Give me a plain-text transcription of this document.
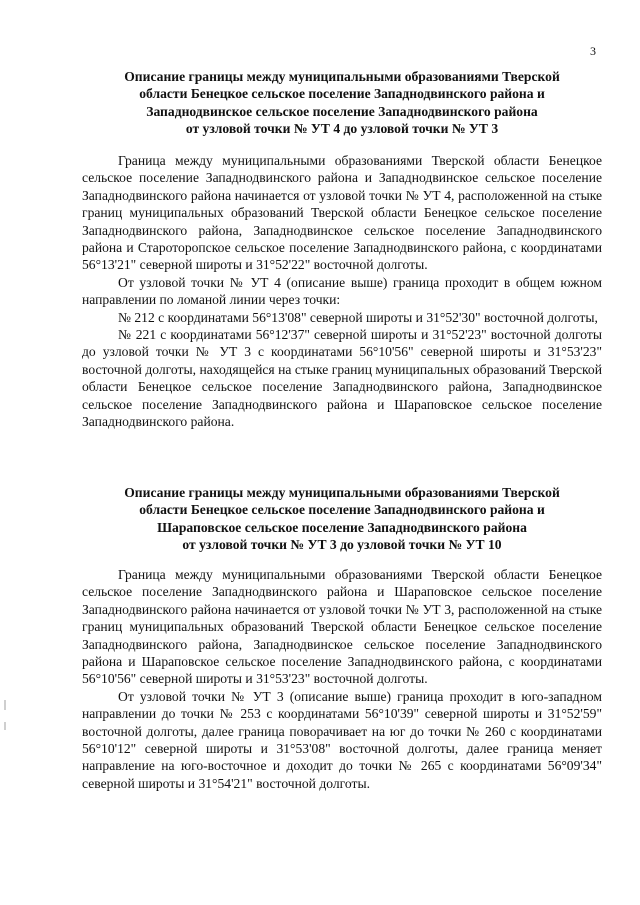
3

Описание границы между муниципальными образованиями Тверской

области Бенецкое сельское поселение Западнодвинского района и

Западнодвинское сельское поселение Западнодвинского района

от узловой точки № УТ 4 до узловой точки № УТ 3

Граница между муниципальными образованиями Тверской области Бенецкое сельское поселение Западнодвинского района и Западнодвинское сельское поселение Западнодвинского района начинается от узловой точки № УТ 4, расположенной на стыке границ муниципальных образований Тверской области Бенецкое сельское поселение Западнодвинского района, Западнодвинское сельское поселение Западнодвинского района и Староторопское сельское поселение Западнодвинского района, с координатами 56°13'21" северной широты и 31°52'22" восточной долготы.

От узловой точки № УТ 4 (описание выше) граница проходит в общем южном направлении по ломаной линии через точки:

№ 212 с координатами 56°13'08" северной широты и 31°52'30" восточной долготы,

№ 221 с координатами 56°12'37" северной широты и 31°52'23" восточной долготы до узловой точки № УТ 3 с координатами 56°10'56" северной широты и 31°53'23" восточной долготы, находящейся на стыке границ муниципальных образований Тверской области Бенецкое сельское поселение Западнодвинского района, Западнодвинское сельское поселение Западнодвинского района и Шараповское сельское поселение Западнодвинского района.

Описание границы между муниципальными образованиями Тверской

области Бенецкое сельское поселение Западнодвинского района и

Шараповское сельское поселение Западнодвинского района

от узловой точки № УТ 3 до узловой точки № УТ 10

Граница между муниципальными образованиями Тверской области Бенецкое сельское поселение Западнодвинского района и Шараповское сельское поселение Западнодвинского района начинается от узловой точки № УТ 3, расположенной на стыке границ муниципальных образований Тверской области Бенецкое сельское поселение Западнодвинского района, Западнодвинское сельское поселение Западнодвинского района и Шараповское сельское поселение Западнодвинского района, с координатами 56°10'56" северной широты и 31°53'23" восточной долготы.

От узловой точки № УТ 3 (описание выше) граница проходит в юго-западном направлении до точки № 253 с координатами 56°10'39" северной широты и 31°52'59" восточной долготы, далее граница поворачивает на юг до точки № 260 с координатами 56°10'12" северной широты и 31°53'08" восточной долготы, далее граница меняет направление на юго-восточное и доходит до точки № 265 с координатами 56°09'34" северной широты и 31°54'21" восточной долготы.
